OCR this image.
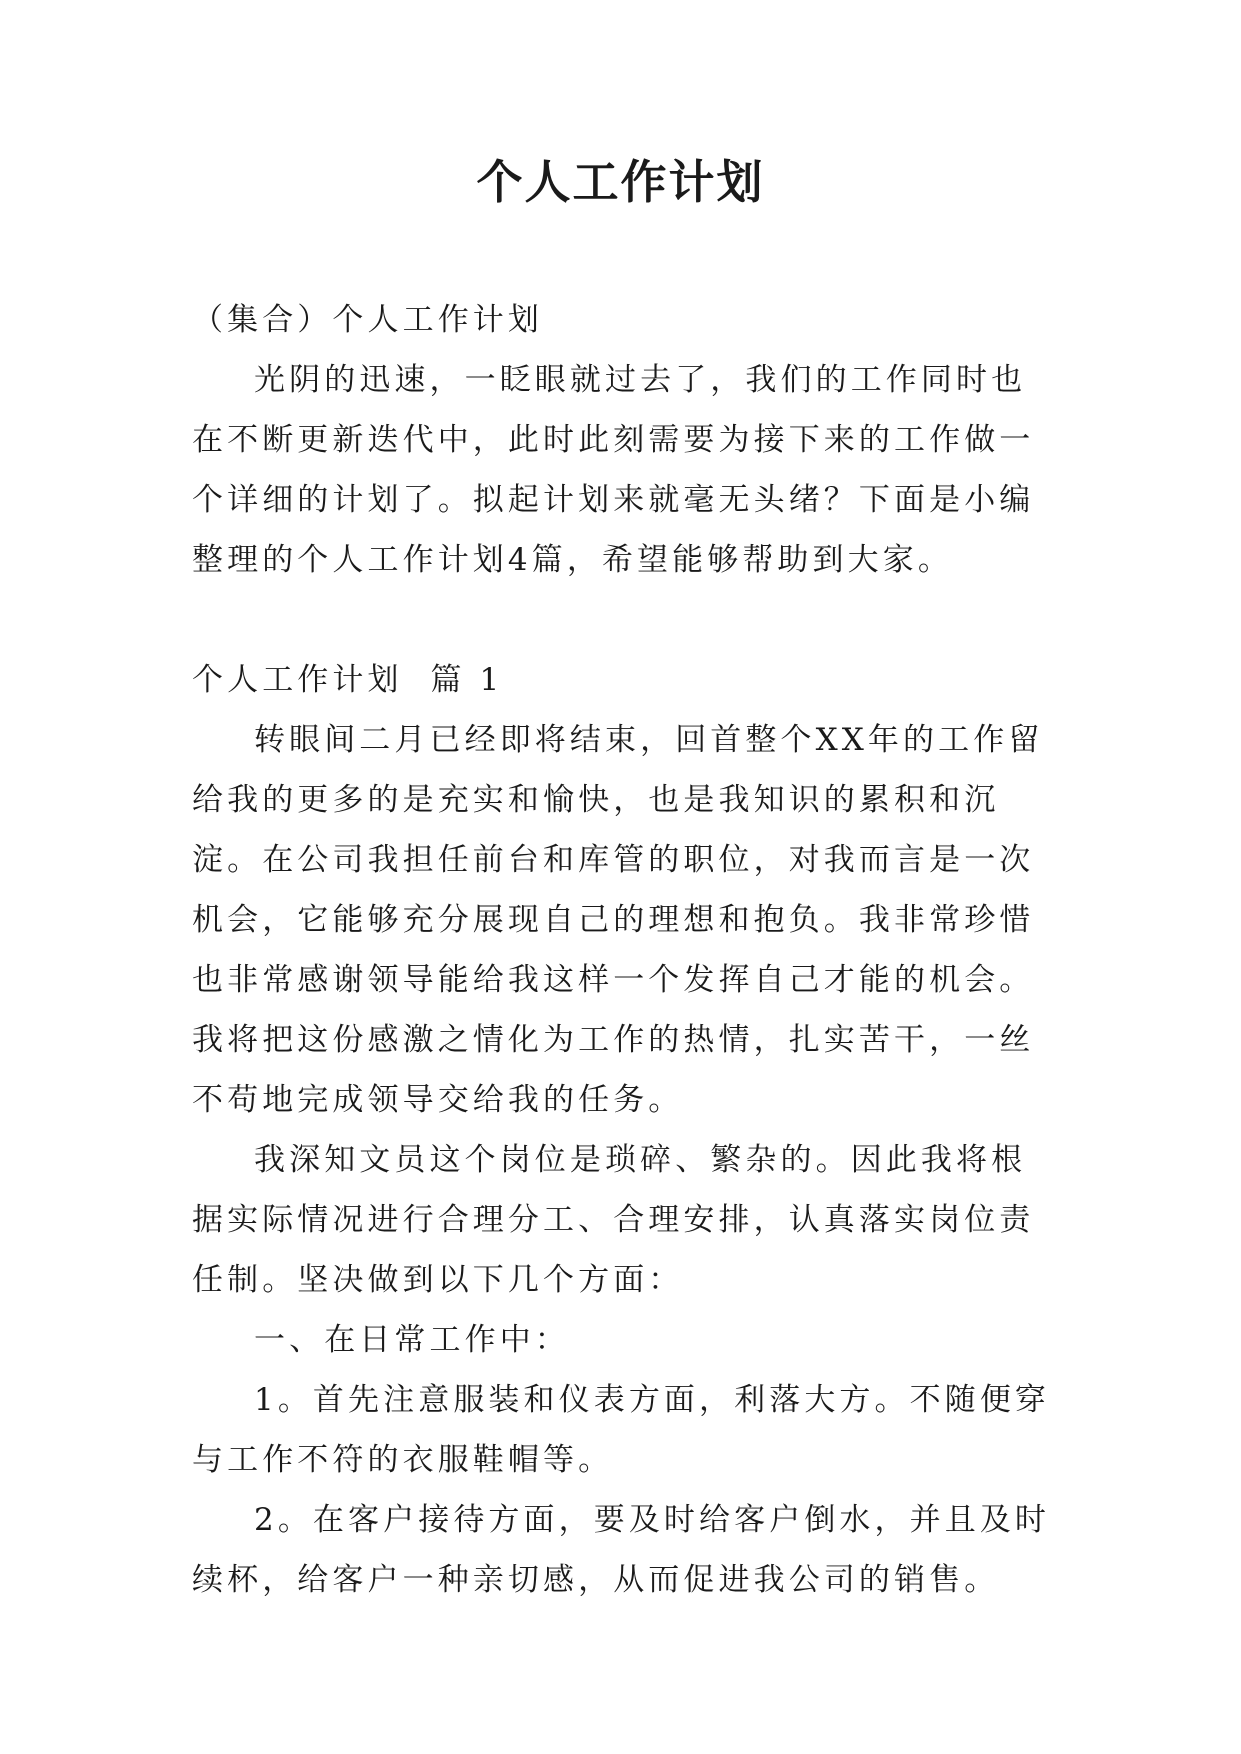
个人工作计划

（集合）个人工作计划

光阴的迅速，一眨眼就过去了，我们的工作同时也在不断更新迭代中，此时此刻需要为接下来的工作做一个详细的计划了。拟起计划来就毫无头绪？下面是小编整理的个人工作计划4篇，希望能够帮助到大家。

个人工作计划  篇 1

转眼间二月已经即将结束，回首整个XX年的工作留给我的更多的是充实和愉快，也是我知识的累积和沉淀。在公司我担任前台和库管的职位，对我而言是一次机会，它能够充分展现自己的理想和抱负。我非常珍惜也非常感谢领导能给我这样一个发挥自己才能的机会。我将把这份感激之情化为工作的热情，扎实苦干，一丝不苟地完成领导交给我的任务。

我深知文员这个岗位是琐碎、繁杂的。因此我将根据实际情况进行合理分工、合理安排，认真落实岗位责任制。坚决做到以下几个方面：

一、在日常工作中：

1。首先注意服装和仪表方面，利落大方。不随便穿与工作不符的衣服鞋帽等。

2。在客户接待方面，要及时给客户倒水，并且及时续杯，给客户一种亲切感，从而促进我公司的销售。
